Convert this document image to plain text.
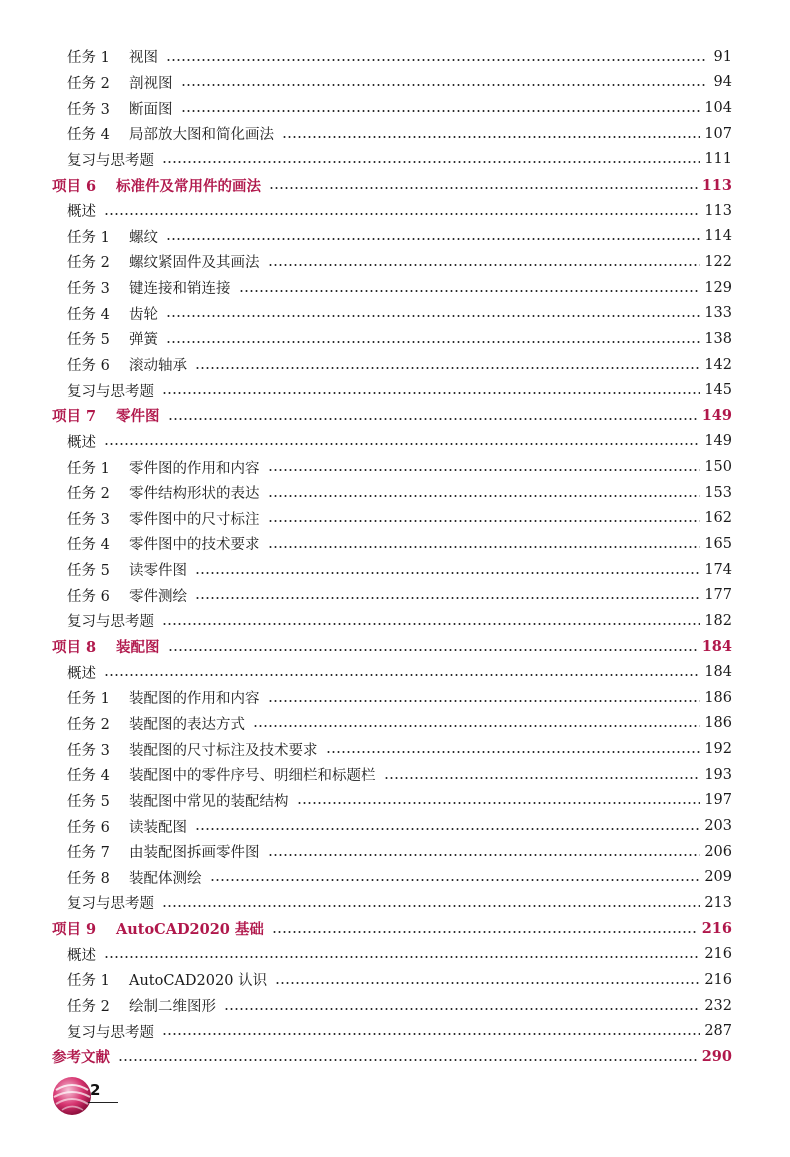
任务 1 视图	91
任务 2 剖视图	94
任务 3 断面图	104
任务 4 局部放大图和简化画法	107
复习与思考题	111
项目 6 标准件及常用件的画法	113
概述	113
任务 1 螺纹	114
任务 2 螺纹紧固件及其画法	122
任务 3 键连接和销连接	129
任务 4 齿轮	133
任务 5 弹簧	138
任务 6 滚动轴承	142
复习与思考题	145
项目 7 零件图	149
概述	149
任务 1 零件图的作用和内容	150
任务 2 零件结构形状的表达	153
任务 3 零件图中的尺寸标注	162
任务 4 零件图中的技术要求	165
任务 5 读零件图	174
任务 6 零件测绘	177
复习与思考题	182
项目 8 装配图	184
概述	184
任务 1 装配图的作用和内容	186
任务 2 装配图的表达方式	186
任务 3 装配图的尺寸标注及技术要求	192
任务 4 装配图中的零件序号、明细栏和标题栏	193
任务 5 装配图中常见的装配结构	197
任务 6 读装配图	203
任务 7 由装配图拆画零件图	206
任务 8 装配体测绘	209
复习与思考题	213
项目 9 AutoCAD2020 基础	216
概述	216
任务 1 AutoCAD2020 认识	216
任务 2 绘制二维图形	232
复习与思考题	287
参考文献	290
2
